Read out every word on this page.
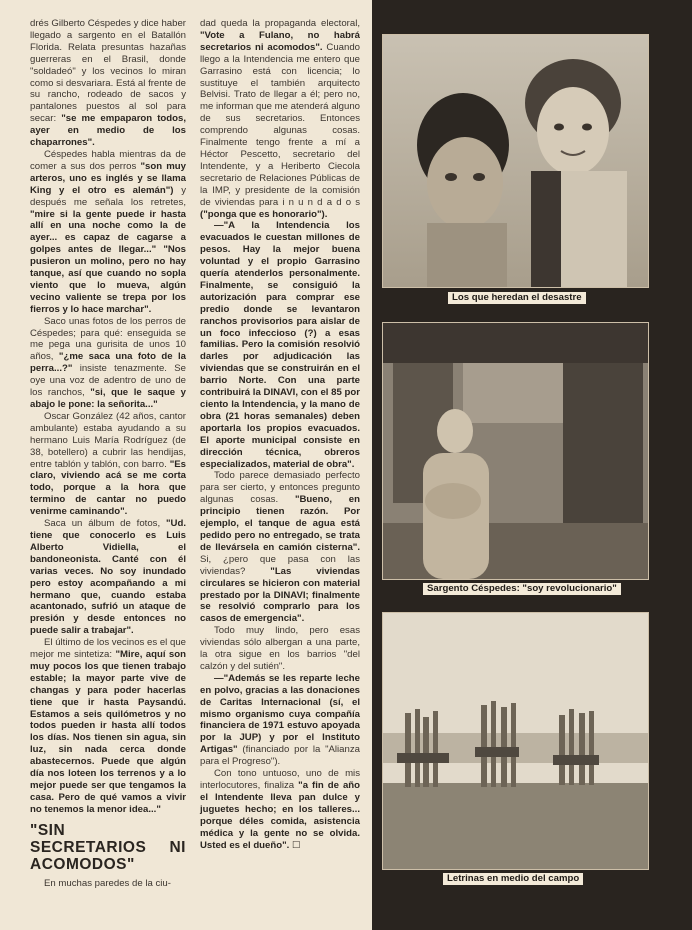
drés Gilberto Céspedes y dice haber llegado a sargento en el Batallón Florida. Relata presuntas hazañas guerreras en el Brasil, donde "soldadeó" y los vecinos lo miran como si desvariara. Está al frente de su rancho, rodeado de sacos y pantalones puestos al sol para secar: "se me empaparon todos, ayer en medio de los chaparrones".

Céspedes habla mientras da de comer a sus dos perros "son muy arteros, uno es inglés y se llama King y el otro es alemán") y después me señala los retretes, "mire si la gente puede ir hasta allí en una noche como la de ayer... es capaz de cagarse a golpes antes de llegar..." "Nos pusieron un molino, pero no hay tanque, así que cuando no sopla viento que lo mueva, algún vecino valiente se trepa por los fierros y lo hace marchar".

Saco unas fotos de los perros de Céspedes; para qué: enseguida se me pega una gurisita de unos 10 años, "¿me saca una foto de la perra...?" insiste tenazmente. Se oye una voz de adentro de uno de los ranchos, "si, que le saque y abajo le pone: la señorita..."

Oscar González (42 años, cantor ambulante) estaba ayudando a su hermano Luis María Rodríguez (de 38, botellero) a cubrir las hendijas, entre tablón y tablón, con barro. "Es claro, viviendo acá se me corta todo, porque a la hora que termino de cantar no puedo venirme caminando".

Saca un álbum de fotos, "Ud. tiene que conocerlo es Luis Alberto Vidiella, el bandoneonista. Canté con él varias veces. No soy inundado pero estoy acompañando a mi hermano que, cuando estaba acantonado, sufrió un ataque de presión y desde entonces no puede salir a trabajar".

El último de los vecinos es el que mejor me sintetiza: "Mire, aquí son muy pocos los que tienen trabajo estable; la mayor parte vive de changas y para poder hacerlas tiene que ir hasta Paysandú. Estamos a seis quilómetros y no todos pueden ir hasta allí todos los días. Nos tienen sin agua, sin luz, sin nada cerca donde abastecernos. Puede que algún día nos loteen los terrenos y a lo mejor puede ser que tengamos la casa. Pero de qué vamos a vivir no tenemos la menor idea..."

"SIN SECRETARIOS NI ACOMODOS"

En muchas paredes de la ciu-

dad queda la propaganda electoral, "Vote a Fulano, no habrá secretarios ni acomodos". Cuando llego a la Intendencia me entero que Garrasino está con licencia; lo sustituye el también arquitecto Belvisi. Trato de llegar a él; pero no, me informan que me atenderá alguno de sus secretarios. Entonces comprendo algunas cosas. Finalmente tengo frente a mí a Héctor Pescetto, secretario del Intendente, y a Heriberto Ciecola secretario de Relaciones Públicas de la IMP, y presidente de la comisión de viviendas para i n u n d a d o s ("ponga que es honorario").

—"A la Intendencia los evacuados le cuestan millones de pesos. Hay la mejor buena voluntad y el propio Garrasino quería atenderlos personalmente. Finalmente, se consiguió la autorización para comprar ese predio donde se levantaron ranchos provisorios para aislar de un foco infeccioso (?) a esas familias. Pero la comisión resolvió darles por adjudicación las viviendas que se construirán en el barrio Norte. Con una parte contribuirá la DINAVI, con el 85 por ciento la Intendencia, y la mano de obra (21 horas semanales) deben aportarla los propios evacuados. El aporte municipal consiste en dirección técnica, obreros especializados, material de obra".

Todo parece demasiado perfecto para ser cierto, y entonces pregunto algunas cosas. "Bueno, en principio tienen razón. Por ejemplo, el tanque de agua está pedido pero no entregado, se trata de llevársela en camión cisterna". Si, ¿pero que pasa con las viviendas? "Las viviendas circulares se hicieron con material prestado por la DINAVI; finalmente se resolvió comprarlo para los casos de emergencia".

Todo muy lindo, pero esas viviendas sólo albergan a una parte, la otra sigue en los barrios "del calzón y del sutién".

—"Además se les reparte leche en polvo, gracias a las donaciones de Caritas Internacional (sí, el mismo organismo cuya compañía financiera de 1971 estuvo apoyada por la JUP) y por el Instituto Artigas" (financiado por la "Alianza para el Progreso").

Con tono untuoso, uno de mis interlocutores, finaliza "a fin de año el Intendente lleva pan dulce y juguetes hecho; en los talleres... porque déles comida, asistencia médica y la gente no se olvida. Usted es el dueño". ☐

Los que heredan el desastre
Sargento Céspedes: "soy revolucionario"
Letrinas en medio del campo
